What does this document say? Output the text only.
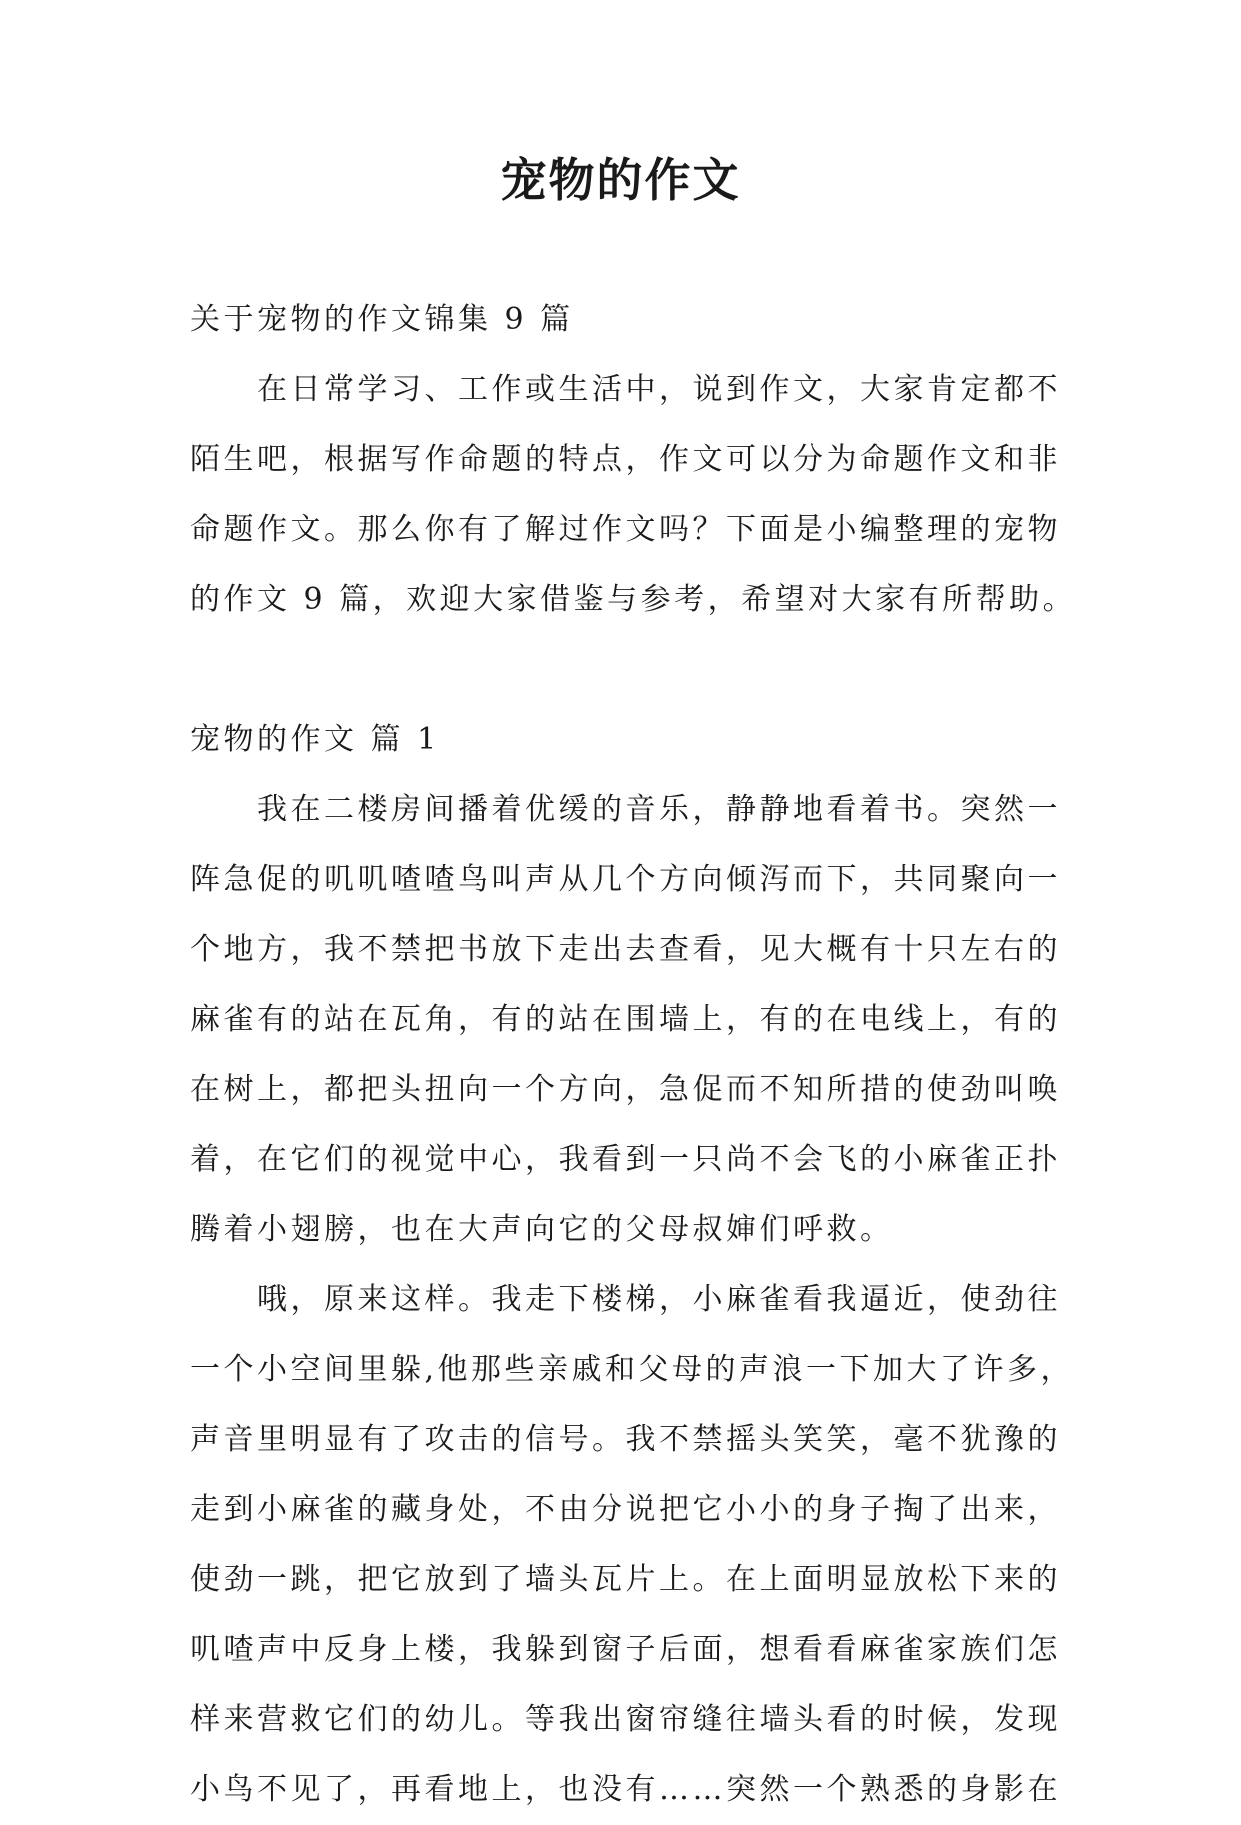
宠物的作文
关于宠物的作文锦集 9 篇
　　在日常学习、工作或生活中，说到作文，大家肯定都不
陌生吧，根据写作命题的特点，作文可以分为命题作文和非
命题作文。那么你有了解过作文吗？下面是小编整理的宠物
的作文 9 篇，欢迎大家借鉴与参考，希望对大家有所帮助。
宠物的作文 篇 1
　　我在二楼房间播着优缓的音乐，静静地看着书。突然一
阵急促的叽叽喳喳鸟叫声从几个方向倾泻而下，共同聚向一
个地方，我不禁把书放下走出去查看，见大概有十只左右的
麻雀有的站在瓦角，有的站在围墙上，有的在电线上，有的
在树上，都把头扭向一个方向，急促而不知所措的使劲叫唤
着，在它们的视觉中心，我看到一只尚不会飞的小麻雀正扑
腾着小翅膀，也在大声向它的父母叔婶们呼救。
　　哦，原来这样。我走下楼梯，小麻雀看我逼近，使劲往
一个小空间里躲,他那些亲戚和父母的声浪一下加大了许多，
声音里明显有了攻击的信号。我不禁摇头笑笑，毫不犹豫的
走到小麻雀的藏身处，不由分说把它小小的身子掏了出来，
使劲一跳，把它放到了墙头瓦片上。在上面明显放松下来的
叽喳声中反身上楼，我躲到窗子后面，想看看麻雀家族们怎
样来营救它们的幼儿。等我出窗帘缝往墙头看的时候，发现
小鸟不见了，再看地上，也没有……突然一个熟悉的身影在
